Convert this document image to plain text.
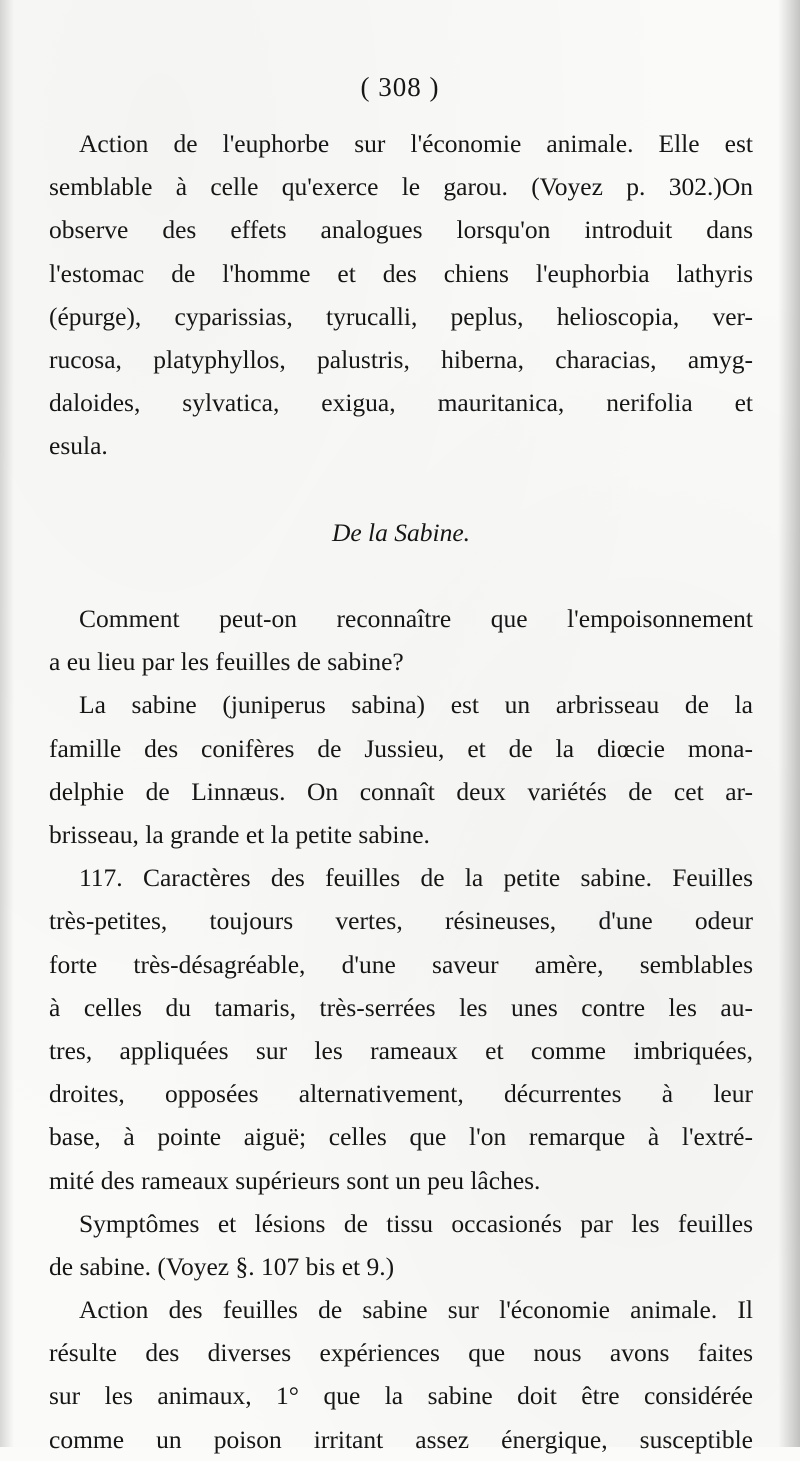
( 308 )
Action de l'euphorbe sur l'économie animale. Elle est
semblable à celle qu'exerce le garou. (Voyez p. 302.)On
observe des effets analogues lorsqu'on introduit dans
l'estomac de l'homme et des chiens l'euphorbia lathyris
(épurge), cyparissias, tyrucalli, peplus, helioscopia, ver-
rucosa, platyphyllos, palustris, hiberna, characias, amyg-
daloides, sylvatica, exigua, mauritanica, nerifolia et
esula.
De la Sabine.
Comment peut-on reconnaître que l'empoisonnement
a eu lieu par les feuilles de sabine?
La sabine (juniperus sabina) est un arbrisseau de la
famille des conifères de Jussieu, et de la diœcie mona-
delphie de Linnæus. On connaît deux variétés de cet ar-
brisseau, la grande et la petite sabine.
117. Caractères des feuilles de la petite sabine. Feuilles
très-petites, toujours vertes, résineuses, d'une odeur
forte très-désagréable, d'une saveur amère, semblables
à celles du tamaris, très-serrées les unes contre les au-
tres, appliquées sur les rameaux et comme imbriquées,
droites, opposées alternativement, décurrentes à leur
base, à pointe aiguë; celles que l'on remarque à l'extré-
mité des rameaux supérieurs sont un peu lâches.
Symptômes et lésions de tissu occasionés par les feuilles
de sabine. (Voyez §. 107 bis et 9.)
Action des feuilles de sabine sur l'économie animale. Il
résulte des diverses expériences que nous avons faites
sur les animaux, 1° que la sabine doit être considérée
comme un poison irritant assez énergique, susceptible
